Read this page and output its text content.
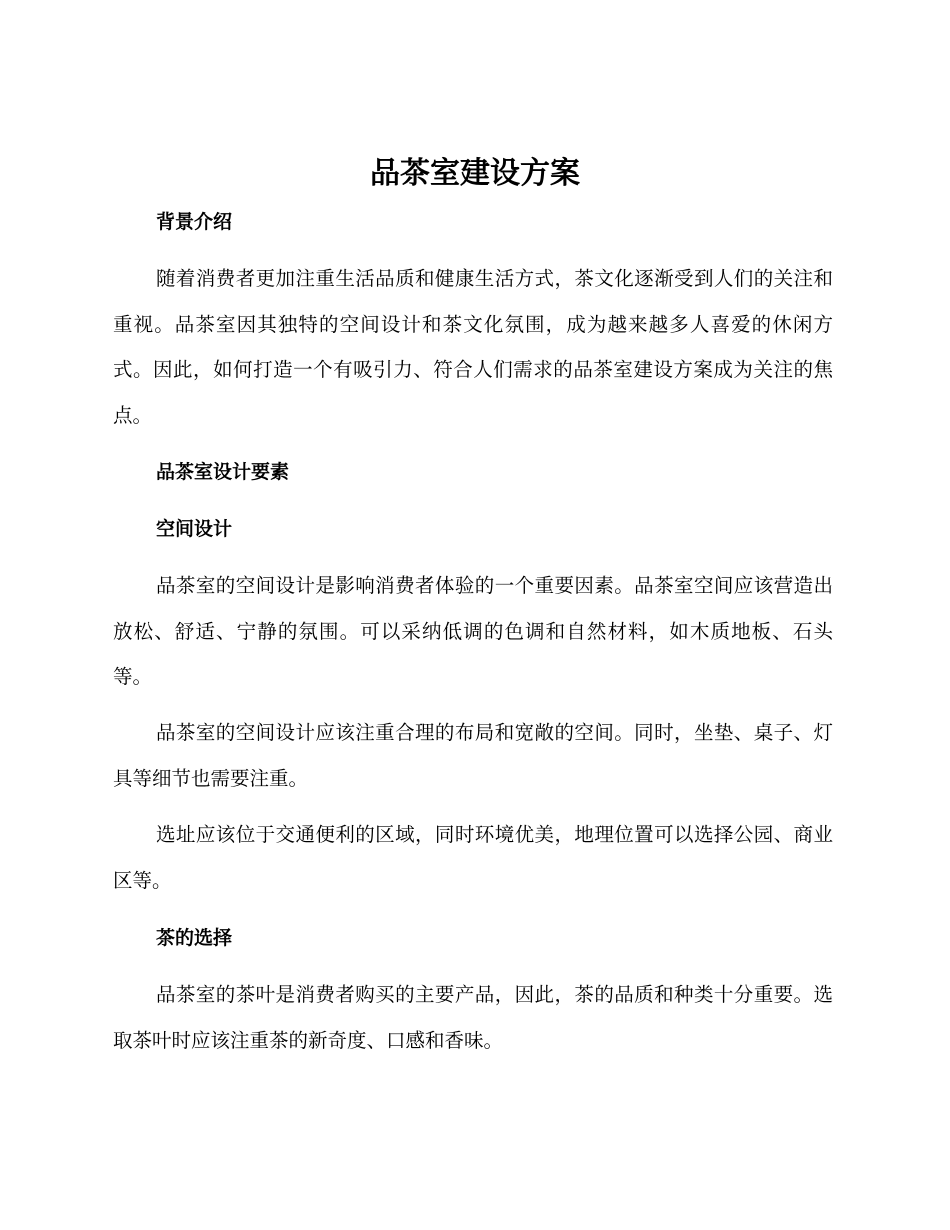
品茶室建设方案
背景介绍

随着消费者更加注重生活品质和健康生活方式，茶文化逐渐受到人们的关注和重视。品茶室因其独特的空间设计和茶文化氛围，成为越来越多人喜爱的休闲方式。因此，如何打造一个有吸引力、符合人们需求的品茶室建设方案成为关注的焦点。

品茶室设计要素
空间设计

品茶室的空间设计是影响消费者体验的一个重要因素。品茶室空间应该营造出放松、舒适、宁静的氛围。可以采纳低调的色调和自然材料，如木质地板、石头等。

品茶室的空间设计应该注重合理的布局和宽敞的空间。同时，坐垫、桌子、灯具等细节也需要注重。

选址应该位于交通便利的区域，同时环境优美，地理位置可以选择公园、商业区等。

茶的选择

品茶室的茶叶是消费者购买的主要产品，因此，茶的品质和种类十分重要。选取茶叶时应该注重茶的新奇度、口感和香味。
